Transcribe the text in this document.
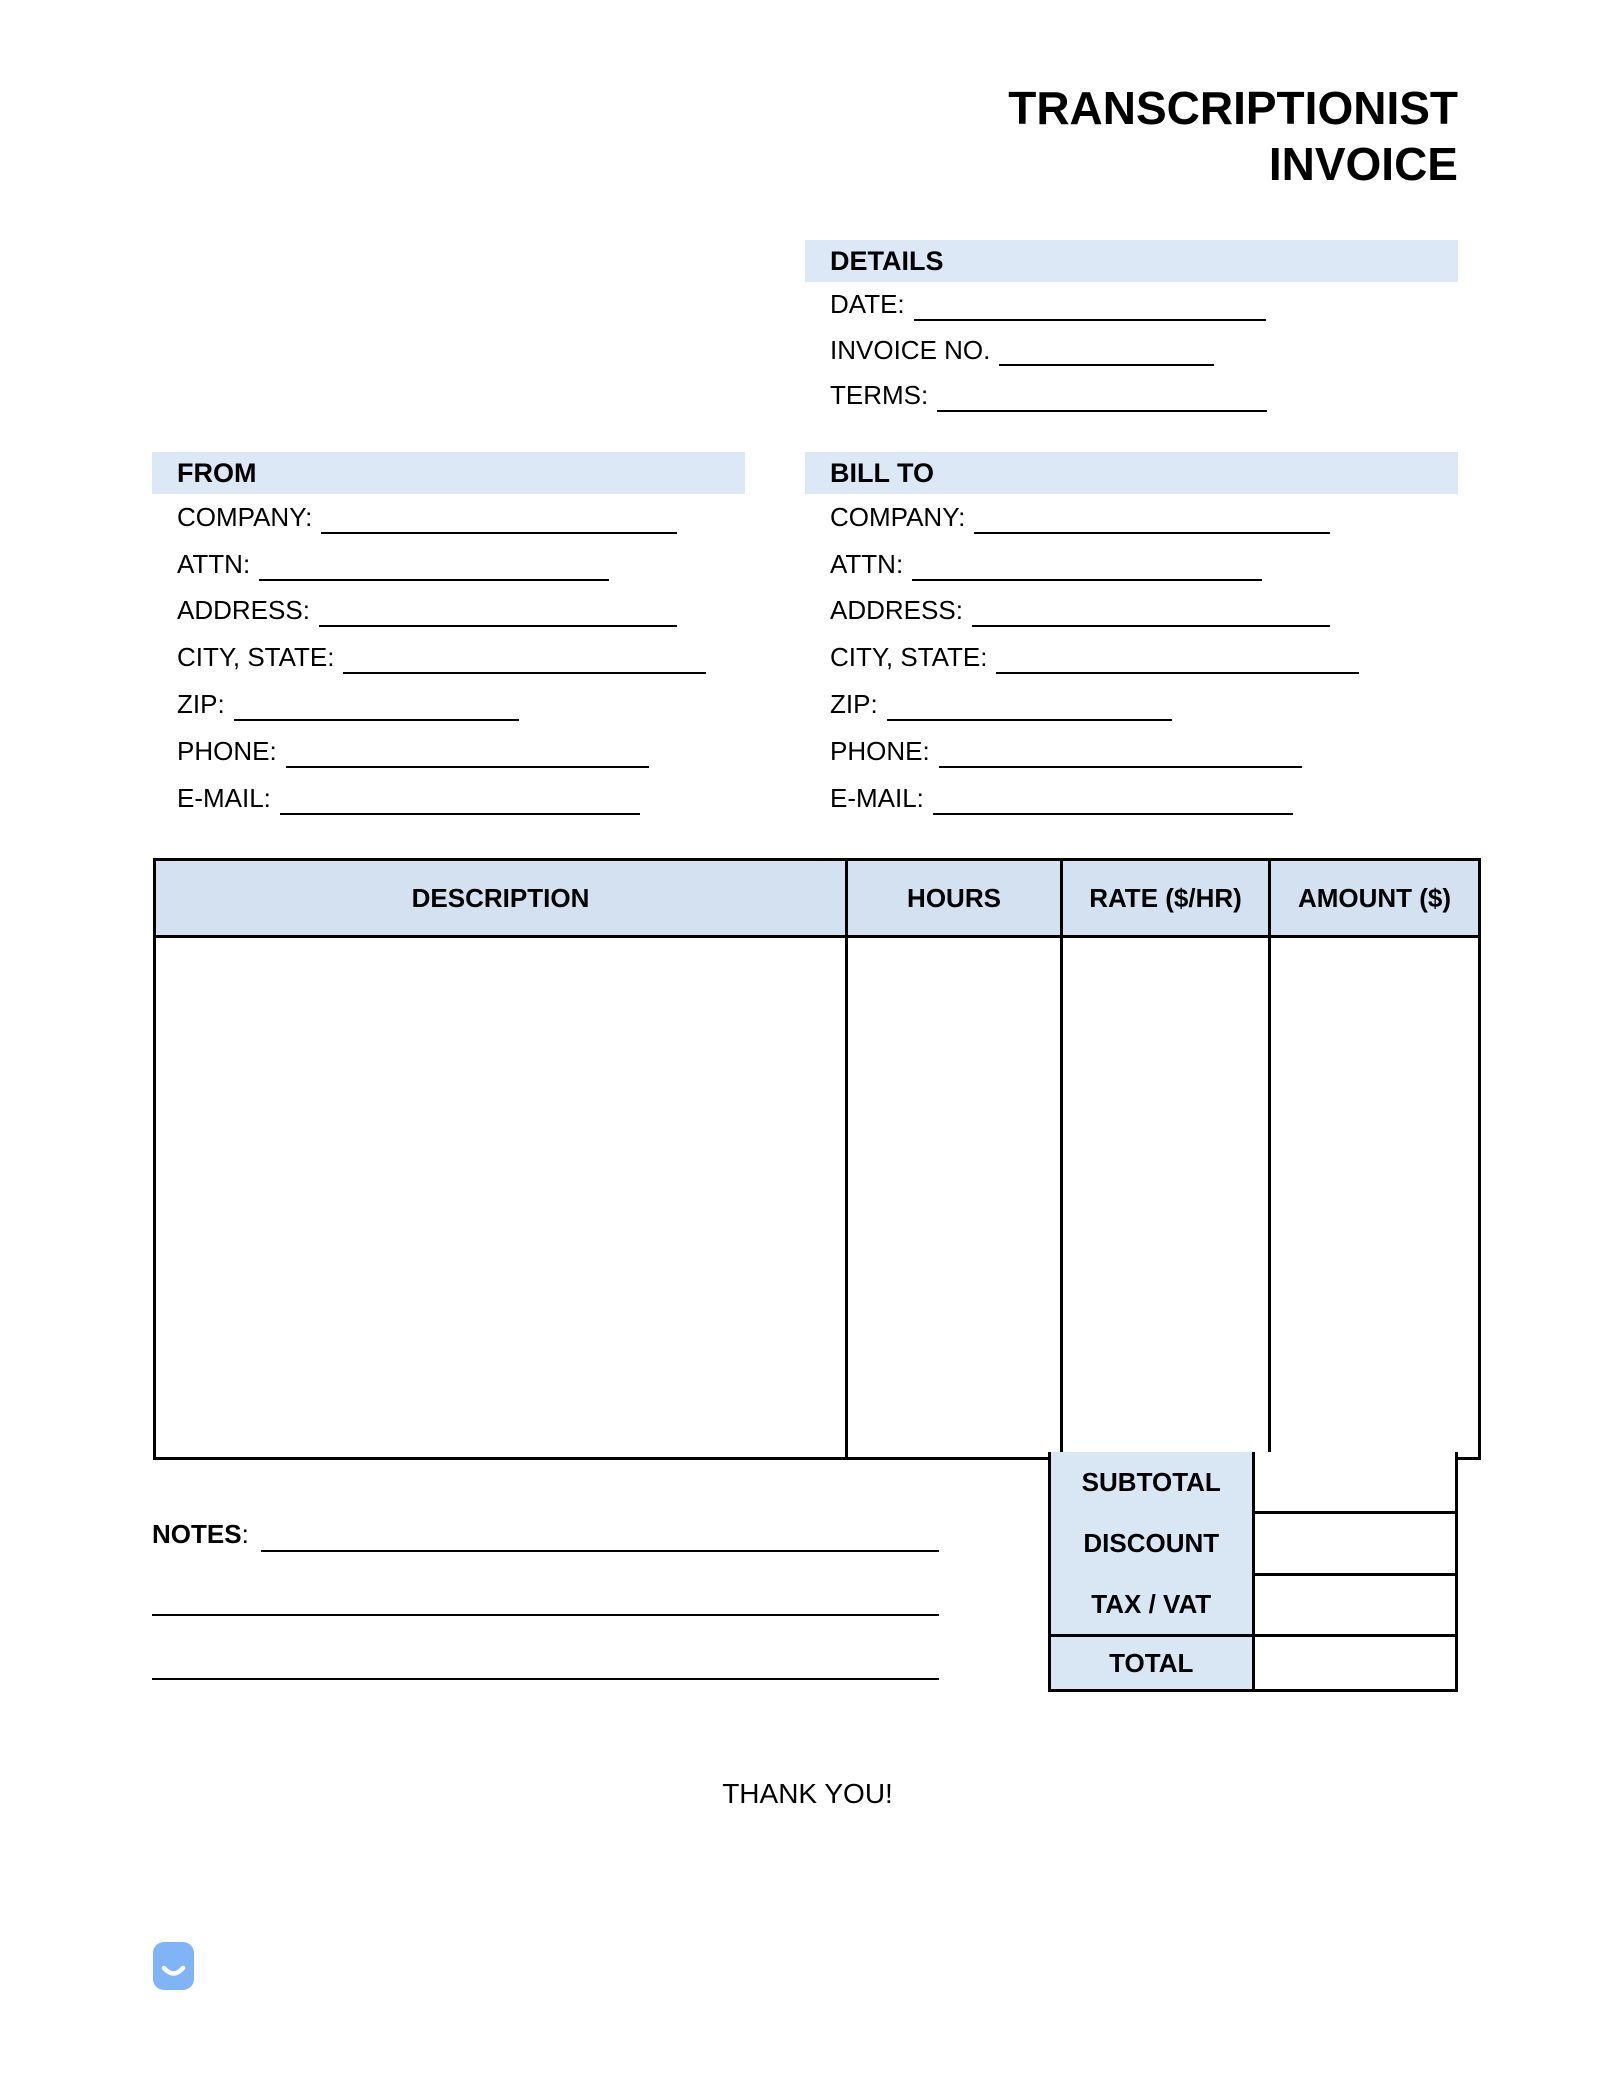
TRANSCRIPTIONIST
INVOICE
DETAILS
DATE:
INVOICE NO.
TERMS:
FROM
COMPANY:
ATTN:
ADDRESS:
CITY, STATE:
ZIP:
PHONE:
E-MAIL:
BILL TO
COMPANY:
ATTN:
ADDRESS:
CITY, STATE:
ZIP:
PHONE:
E-MAIL:
DESCRIPTION	HOURS	RATE ($/HR)	AMOUNT ($)

SUBTOTAL	
DISCOUNT	
TAX / VAT	
TOTAL	
NOTES:
THANK YOU!
